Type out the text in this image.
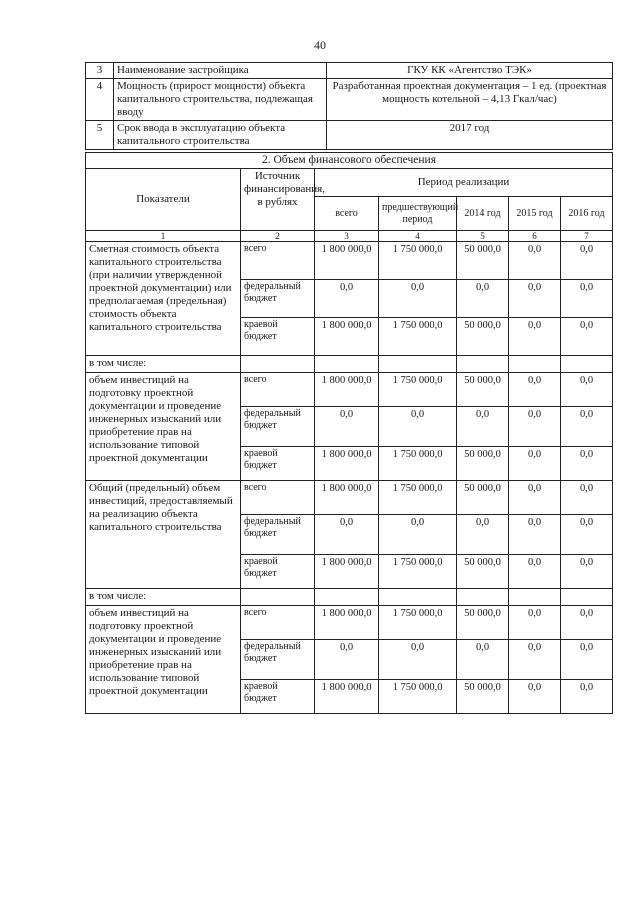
40
3	Наименование застройщика	ГКУ КК «Агентство ТЭК»
4	Мощность (прирост мощности) объекта капитального строительства, подлежащая вводу	Разработанная проектная документация – 1 ед. (проектная мощность котельной – 4,13 Гкал/час)
5	Срок ввода в эксплуатацию объекта капитального строительства	2017 год
2. Объем финансового обеспечения						
Показатели	Источник финансирования, в рублях	Период реализации				
		всего	предшествующий период	2014 год	2015 год	2016 год
1	2	3	4	5	6	7
Сметная стоимость объекта капитального строительства (при наличии утвержденной проектной документации) или предполагаемая (предельная) стоимость объекта капитального строительства	всего	1 800 000,0	1 750 000,0	50 000,0	0,0	0,0
	федеральный бюджет	0,0	0,0	0,0	0,0	0,0
	краевой бюджет	1 800 000,0	1 750 000,0	50 000,0	0,0	0,0
в том числе:						
объем инвестиций на подготовку проектной документации и проведение инженерных изысканий или приобретение прав на использование типовой проектной документации	всего	1 800 000,0	1 750 000,0	50 000,0	0,0	0,0
	федеральный бюджет	0,0	0,0	0,0	0,0	0,0
	краевой бюджет	1 800 000,0	1 750 000,0	50 000,0	0,0	0,0
Общий (предельный) объем инвестиций, предоставляемый на реализацию объекта капитального строительства	всего	1 800 000,0	1 750 000,0	50 000,0	0,0	0,0
	федеральный бюджет	0,0	0,0	0,0	0,0	0,0
	краевой бюджет	1 800 000,0	1 750 000,0	50 000,0	0,0	0,0
в том числе:						
объем инвестиций на подготовку проектной документации и проведение инженерных изысканий или приобретение прав на использование типовой проектной документации	всего	1 800 000,0	1 750 000,0	50 000,0	0,0	0,0
	федеральный бюджет	0,0	0,0	0,0	0,0	0,0
	краевой бюджет	1 800 000,0	1 750 000,0	50 000,0	0,0	0,0
